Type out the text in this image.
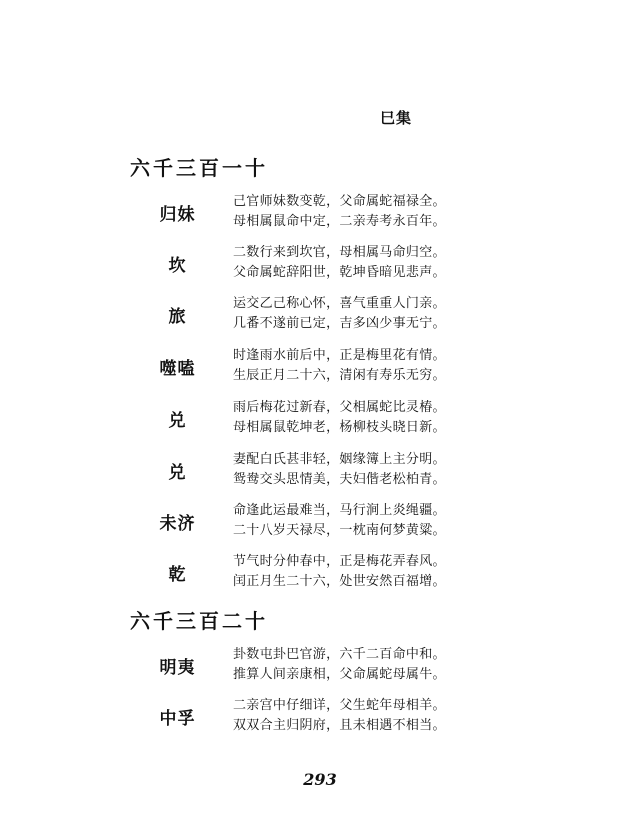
巳集
六千三百一十
归妹
己官师妹数变乾，父命属蛇福禄全。
母相属鼠命中定，二亲寿考永百年。
坎
二数行来到坎官，母相属马命归空。
父命属蛇辞阳世，乾坤昏暗见悲声。
旅
运交乙己称心怀，喜气重重人门亲。
几番不遂前已定，吉多凶少事无宁。
噬嗑
时逢雨水前后中，正是梅里花有情。
生辰正月二十六，清闲有寿乐无穷。
兑
雨后梅花过新春，父相属蛇比灵椿。
母相属鼠乾坤老，杨柳枝头晓日新。
兑
妻配白氏甚非轻，姻缘簿上主分明。
鸳鸯交头思情美，夫妇偕老松柏青。
未济
命逢此运最难当，马行涧上炎绳疆。
二十八岁天禄尽，一枕南何梦黄粱。
乾
节气时分仲春中，正是梅花弄春风。
闰正月生二十六，处世安然百福增。
六千三百二十
明夷
卦数屯卦巴官游，六千二百命中和。
推算人间亲康相，父命属蛇母属牛。
中孚
二亲宫中仔细详，父生蛇年母相羊。
双双合主归阴府，且未相遇不相当。
293
